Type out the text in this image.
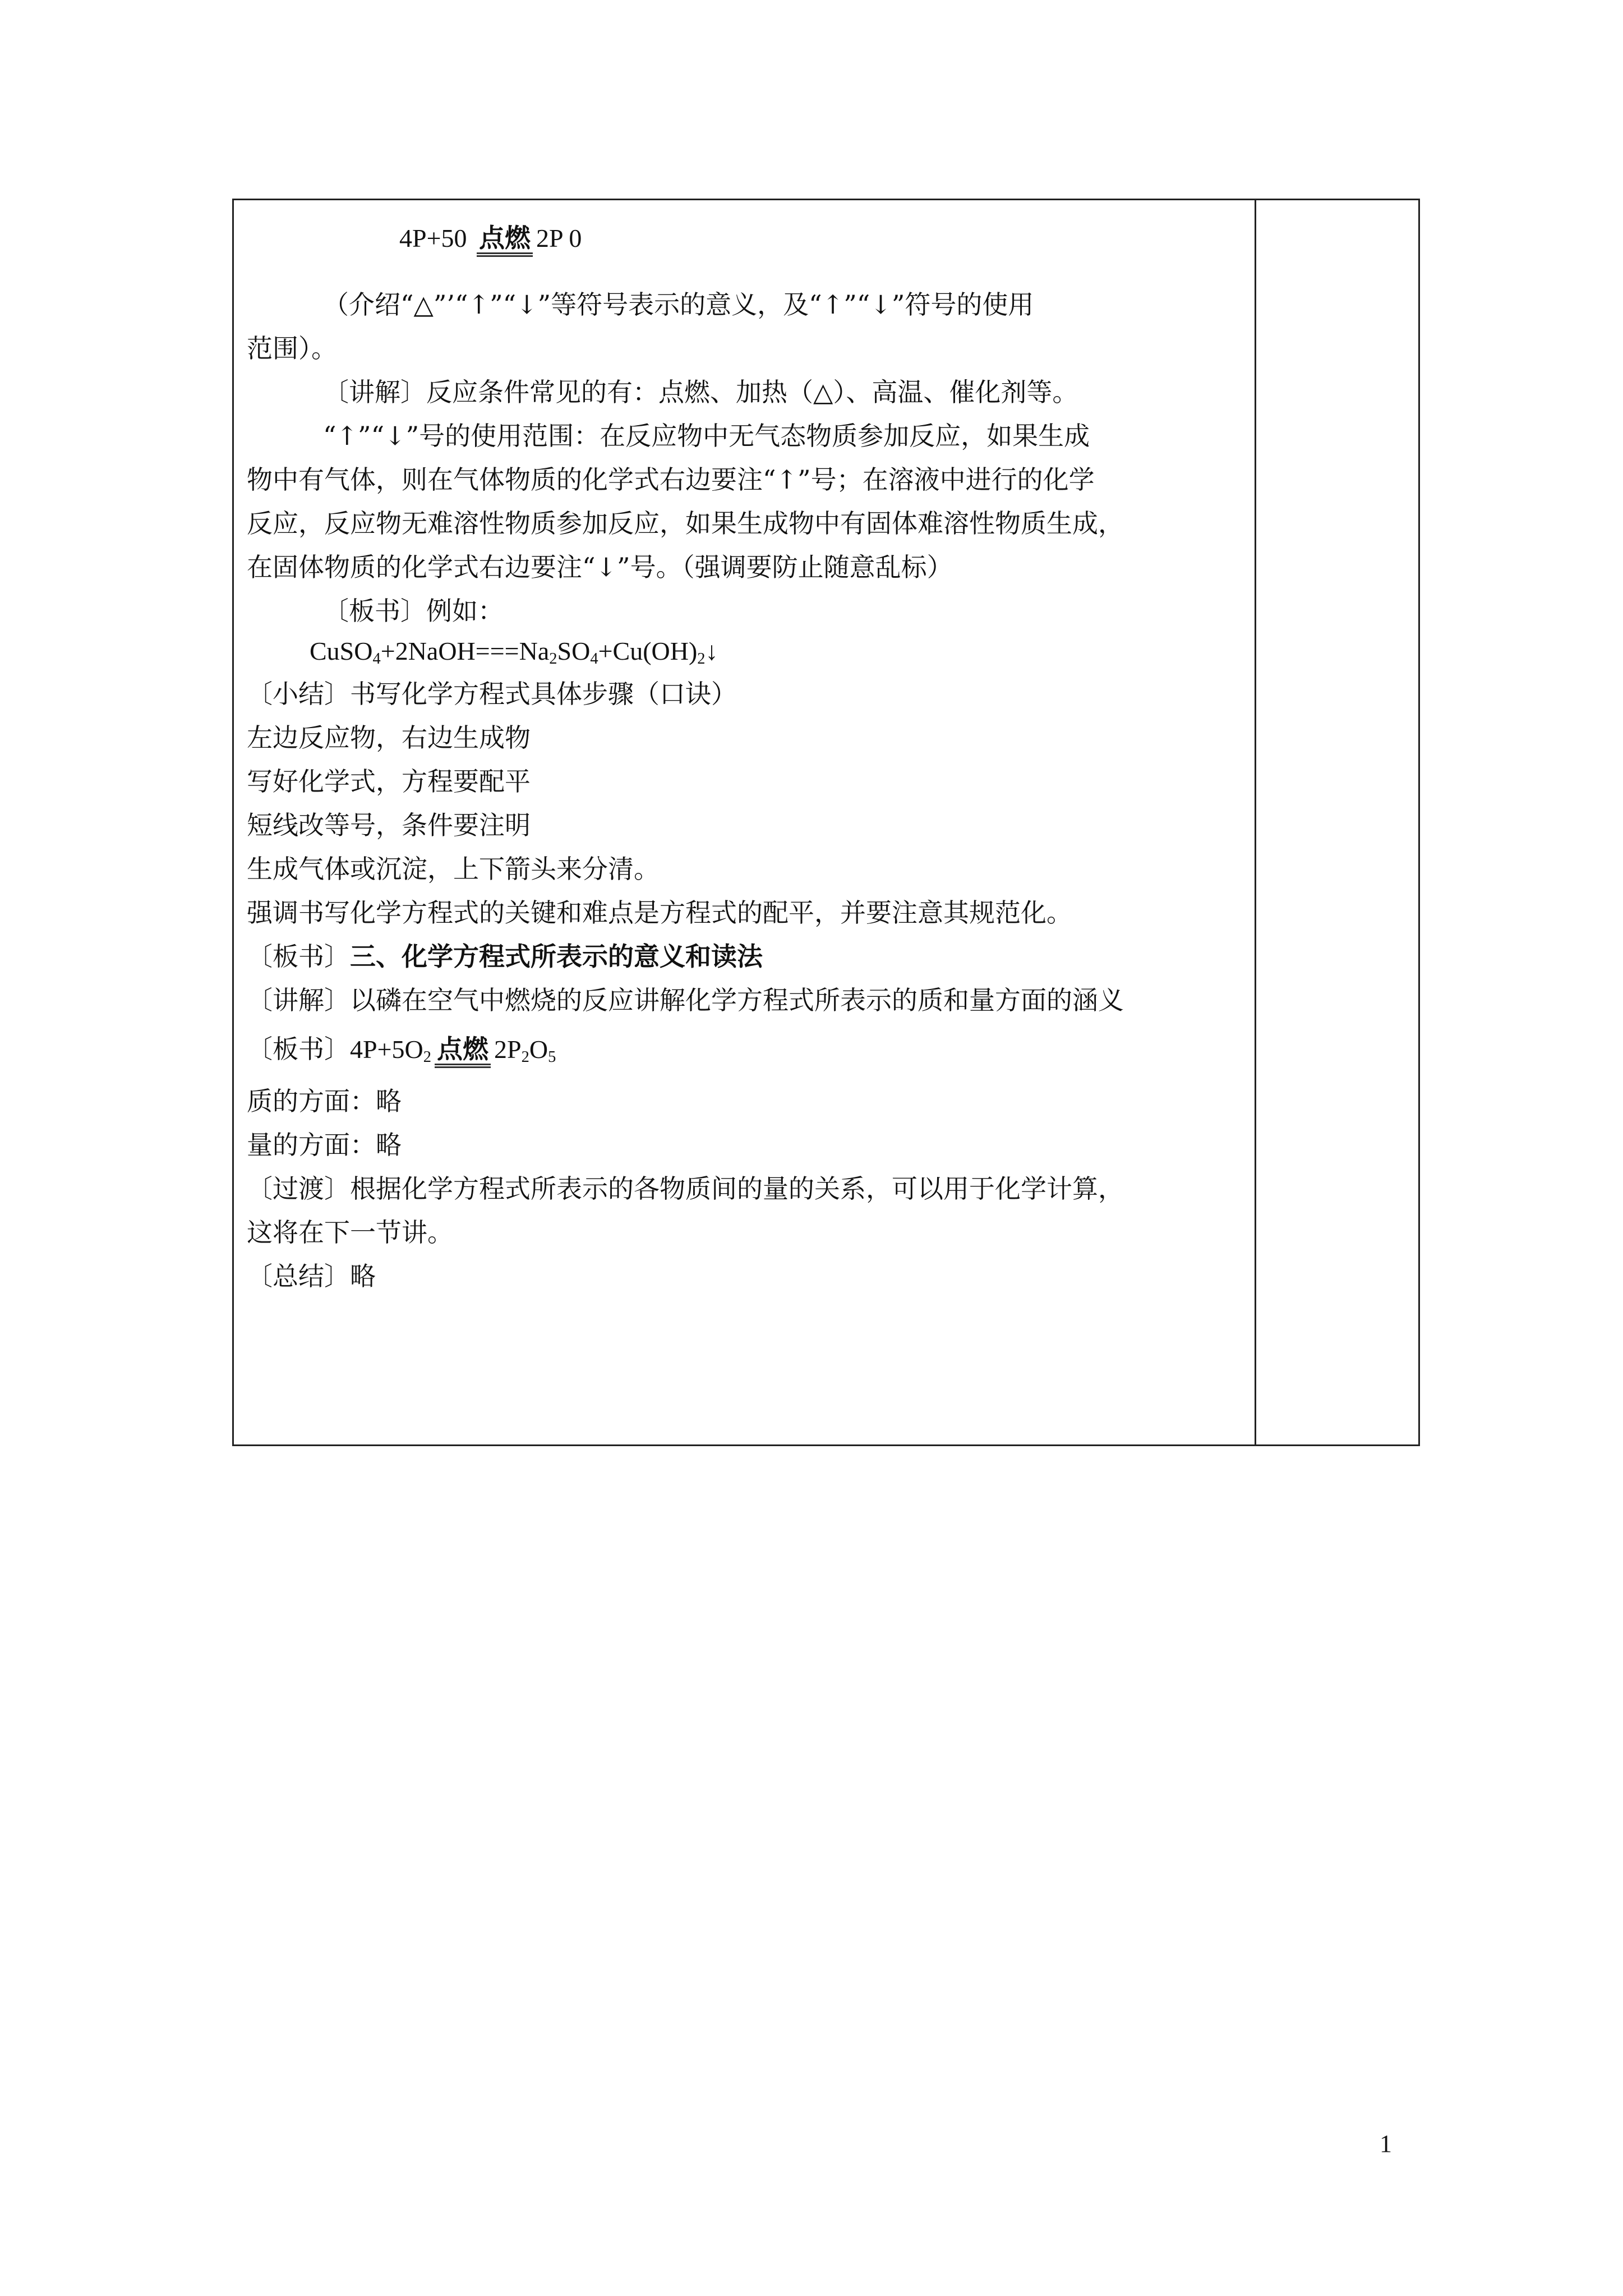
4P+50 点燃 2P 0
（介绍“△”’“↑”“↓”等符号表示的意义，及“↑”“↓”符号的使用
范围）。
〔讲解〕反应条件常见的有：点燃、加热（△）、高温、催化剂等。
“↑”“↓”号的使用范围：在反应物中无气态物质参加反应，如果生成
物中有气体，则在气体物质的化学式右边要注“↑”号；在溶液中进行的化学
反应，反应物无难溶性物质参加反应，如果生成物中有固体难溶性物质生成，
在固体物质的化学式右边要注“↓”号。（强调要防止随意乱标）
〔板书〕例如：
$CuSO_4+2NaOH===Na_2SO_4+Cu(OH)_2↓$
〔小结〕书写化学方程式具体步骤（口诀）
左边反应物，右边生成物
写好化学式，方程要配平
短线改等号，条件要注明
生成气体或沉淀，上下箭头来分清。
强调书写化学方程式的关键和难点是方程式的配平，并要注意其规范化。
〔板书〕三、化学方程式所表示的意义和读法
〔讲解〕以磷在空气中燃烧的反应讲解化学方程式所表示的质和量方面的涵义
〔板书〕$4P+5O_2$ 点燃 $2P_2O_5$
质的方面：略
量的方面：略
〔过渡〕根据化学方程式所表示的各物质间的量的关系，可以用于化学计算，
这将在下一节讲。
〔总结〕略
1
